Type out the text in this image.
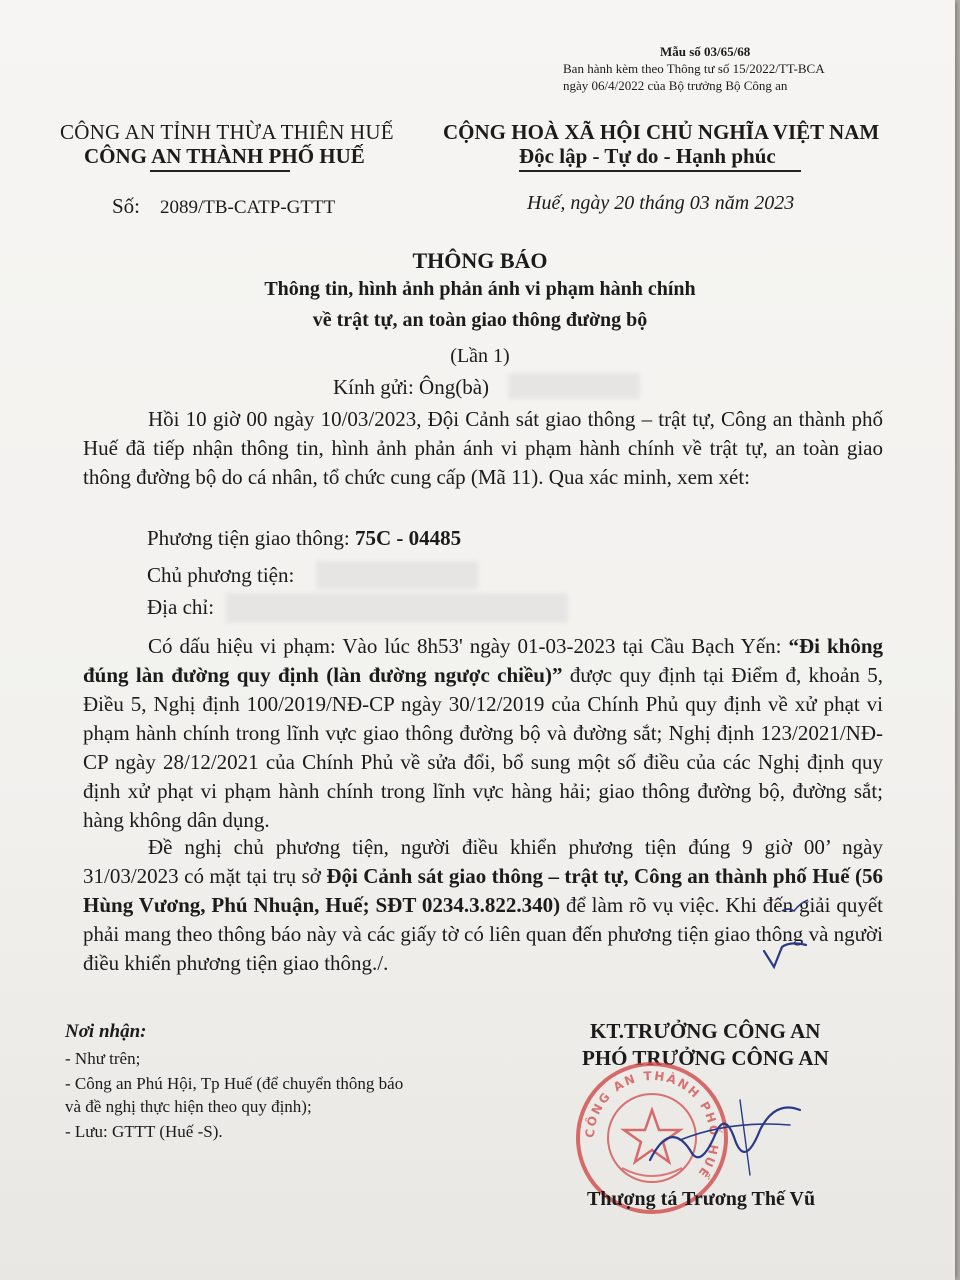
Mẫu số 03/65/68
Ban hành kèm theo Thông tư số 15/2022/TT-BCA
ngày 06/4/2022 của Bộ trưởng Bộ Công an
CÔNG AN TỈNH THỪA THIÊN HUẾ
CÔNG AN THÀNH PHỐ HUẾ
CỘNG HOÀ XÃ HỘI CHỦ NGHĨA VIỆT NAM
Độc lập - Tự do - Hạnh phúc
Số: 2089/TB-CATP-GTTT	Huế, ngày 20 tháng 03 năm 2023
THÔNG BÁO
Thông tin, hình ảnh phản ánh vi phạm hành chính
về trật tự, an toàn giao thông đường bộ
(Lần 1)
Kính gửi: Ông(bà)
Hồi 10 giờ 00 ngày 10/03/2023, Đội Cảnh sát giao thông – trật tự, Công an thành phố Huế đã tiếp nhận thông tin, hình ảnh phản ánh vi phạm hành chính về trật tự, an toàn giao thông đường bộ do cá nhân, tổ chức cung cấp (Mã 11). Qua xác minh, xem xét:
Phương tiện giao thông: 75C - 04485
Chủ phương tiện:
Địa chỉ:
Có dấu hiệu vi phạm: Vào lúc 8h53' ngày 01-03-2023 tại Cầu Bạch Yến: “Đi không đúng làn đường quy định (làn đường ngược chiều)” được quy định tại Điểm đ, khoản 5, Điều 5, Nghị định 100/2019/NĐ-CP ngày 30/12/2019 của Chính Phủ quy định về xử phạt vi phạm hành chính trong lĩnh vực giao thông đường bộ và đường sắt; Nghị định 123/2021/NĐ-CP ngày 28/12/2021 của Chính Phủ về sửa đổi, bổ sung một số điều của các Nghị định quy định xử phạt vi phạm hành chính trong lĩnh vực hàng hải; giao thông đường bộ, đường sắt; hàng không dân dụng.
Đề nghị chủ phương tiện, người điều khiển phương tiện đúng 9 giờ 00’ ngày 31/03/2023 có mặt tại trụ sở Đội Cảnh sát giao thông – trật tự, Công an thành phố Huế (56 Hùng Vương, Phú Nhuận, Huế; SĐT 0234.3.822.340) để làm rõ vụ việc. Khi đến giải quyết phải mang theo thông báo này và các giấy tờ có liên quan đến phương tiện giao thông và người điều khiển phương tiện giao thông./.
Nơi nhận:
- Như trên;
- Công an Phú Hội, Tp Huế (để chuyển thông báo
và đề nghị thực hiện theo quy định);
- Lưu: GTTT (Huế -S).
KT.TRƯỞNG CÔNG AN
PHÓ TRƯỞNG CÔNG AN
CÔNG AN THÀNH PHỐ HUẾ
Thượng tá Trương Thế Vũ
